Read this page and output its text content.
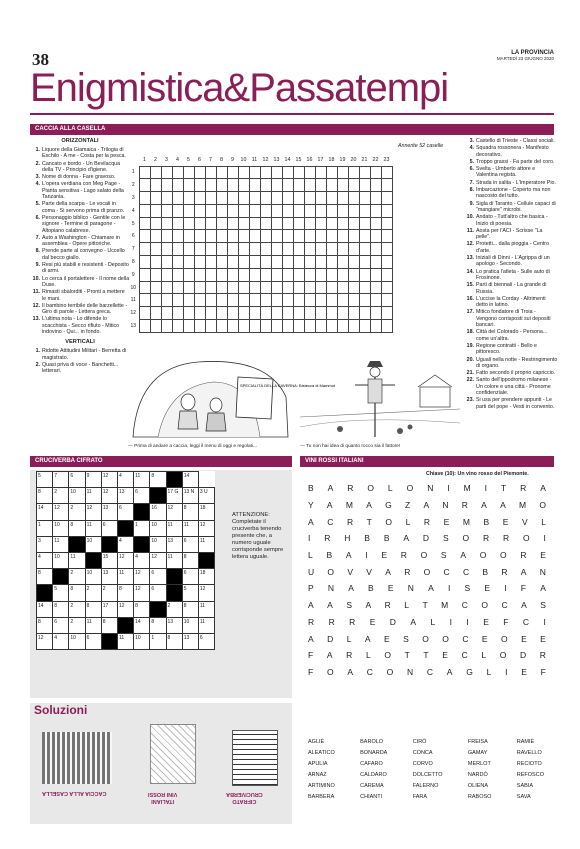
38	LA PROVINCIA
MARTEDÌ 23 GIUGNO 2020
Enigmistica&Passatempi
CACCIA ALLA CASELLA
ORIZZONTALI
1. Liquore della Giamaica - Trilogia di Eschilo - A me - Costa per la pesca.
2. Cancato e bordo - Un Bevilacqua della TV - Principio d'igiene.
3. Nome di donna - Fare gravoso.
4. L'opera verdiana con Meg Page - Pianta sensitiva - Lago salato della Tanzania.
5. Parte della scarpa - Le vocali in coma - Si servono prima di pranzo.
6. Personaggio biblico - Gentile con le signore - Termine di paragone - Altopiano calabrese.
7. Auto a Washington - Chiamare in assemblea - Opere pittoriche.
8. Prende parte al convegno - Uccello dal becco giallo.
9. Resi più stabili e resistenti - Deposito di armi.
10. Lo cerca il portalettere - Il nome della Duse.
11. Rimasti sbalorditi - Pronti a mettere le mani.
12. Il bambino terribile delle barzellette - Giro di parole - Lettera greca.
13. L'ultima nota - Lo difende lo scacchista - Secco rifiuto - Mitico indovino - Qui... in fondo.
VERTICALI
1. Ridotte Attitudini Militari - Berretta di magistrato.
2. Quasi priva di voce - Banchetti... letterari.
Annerite 52 caselle
	1	2	3	4	5	6	7	8	9	10	11	12	13	14	15	16	17	18	19	20	21	22	23
1																							
2																							
3																							
4																							
5																							
6																							
7																							
8																							
9																							
10																							
11																							
12																							
13																							
3. Castello di Trieste - Classi sociali.
4. Squadra rossonera - Manifesto decorativo.
5. Troppo grassi - Fa parte del coro.
6. Svelta - Umberto attore e Valentina regista.
7. Strada in salita - L'Imperatore Pio.
8. Imbarcazione - Coperto ma non nascosto del tutto.
9. Sigla di Taranto - Cellule capaci di "mangiare" microbi.
10. Andato - Tutt'altro che basica - Inizio di poesia.
11. Aosta per l'ACI - Scrisse "La pelle".
12. Protetti... dalla pioggia - Centro d'arte.
13. Iniziali di Dinni - L'Agrippa di un apologo - Secondo.
14. Lo pratica l'atleta - Sulle auto di Frosinone.
15. Parti di biennali - La grande di Russia.
16. L'uccise la Corday - Altrimenti detto in latino.
17. Mitico fondatore di Troia - Vengono corrisposti sui depositi bancari.
18. Città del Colorado - Persona... come un'altra.
19. Regione contratti - Bello e pittoresco.
20. Uguali nella notte - Restringimento di organo.
21. Fatto secondo il proprio capriccio.
22. Santo dell'ippodromo milanese - Un colore e una città - Pronome confidenziale.
23. Si usa per prendere appunti - Le parti del pope - Vesti in convento.
SPECIALITÀ DELLA CAVERNA: Bistecca di Mammut
— Prima di andare a caccia, leggi il menu di oggi e regolati...	— Tu non hai idea di quanto rocco sia il fattore!
CRUCIVERBA CIFRATO
5	7	6	9	12	4	11	8		14	
8	2	10	11	12	13	6		17 G	13 N	3 U
14	12	2	12	13	6		16	12	8	18
1	10	8	11	6		1	10	11	11	12
3	11		10		4		10	13	6	11
4	10	11		15	12	4	12	11	8	
8		2	10	13	11	12	6		6	18
	5	8	2	2	8	12	6		5	12
14	8	2	8	17	12	8		2	8	11
8	6	2	11	8		14	8	13	10	11
12	4	10	6		11	10	1	8	13	6
ATTENZIONE: Completate il cruciverba tenendo presente che, a numero uguale corrisponde sempre lettera uguale.
VINI ROSSI ITALIANI
Chiave (10): Un vino rosso del Piemonte.
B A R O L O N I M I T R A
Y A M A G Z A N R A A M O
A C R T O L R E M B E V L
I R H B B A D S O R R O I
L B A I E R O S A O O R E
U O V V A R O C C B R A N
P N A B E N A I S E I F A
A A S A R L T M C O C A S
R R R E D A L I I E F C I
A D L A E S O O C E O E E
F A R L O T T E C L O D R
F O A C O N C A G L I E F
AGLIÈ
ALEATICO
APULIA
ARNAZ
ARTIMINO
BARBERA
BAROLO
BONARDA
CAFARO
CALDARO
CAREMA
CHIANTI
CIRÒ
CONCA
CORVO
DOLCETTO
FALERNO
FARA
FREISA
GAMAY
MERLOT
NARDÒ
OLIENA
RABOSO
RAMIÈ
RAVELLO
RECIOTO
REFOSCO
SABIA
SAVA
Soluzioni
CACCIA ALLA CASELLA
ITALIANI
VINI ROSSI
CIFRATO
CRUCIVERBA
